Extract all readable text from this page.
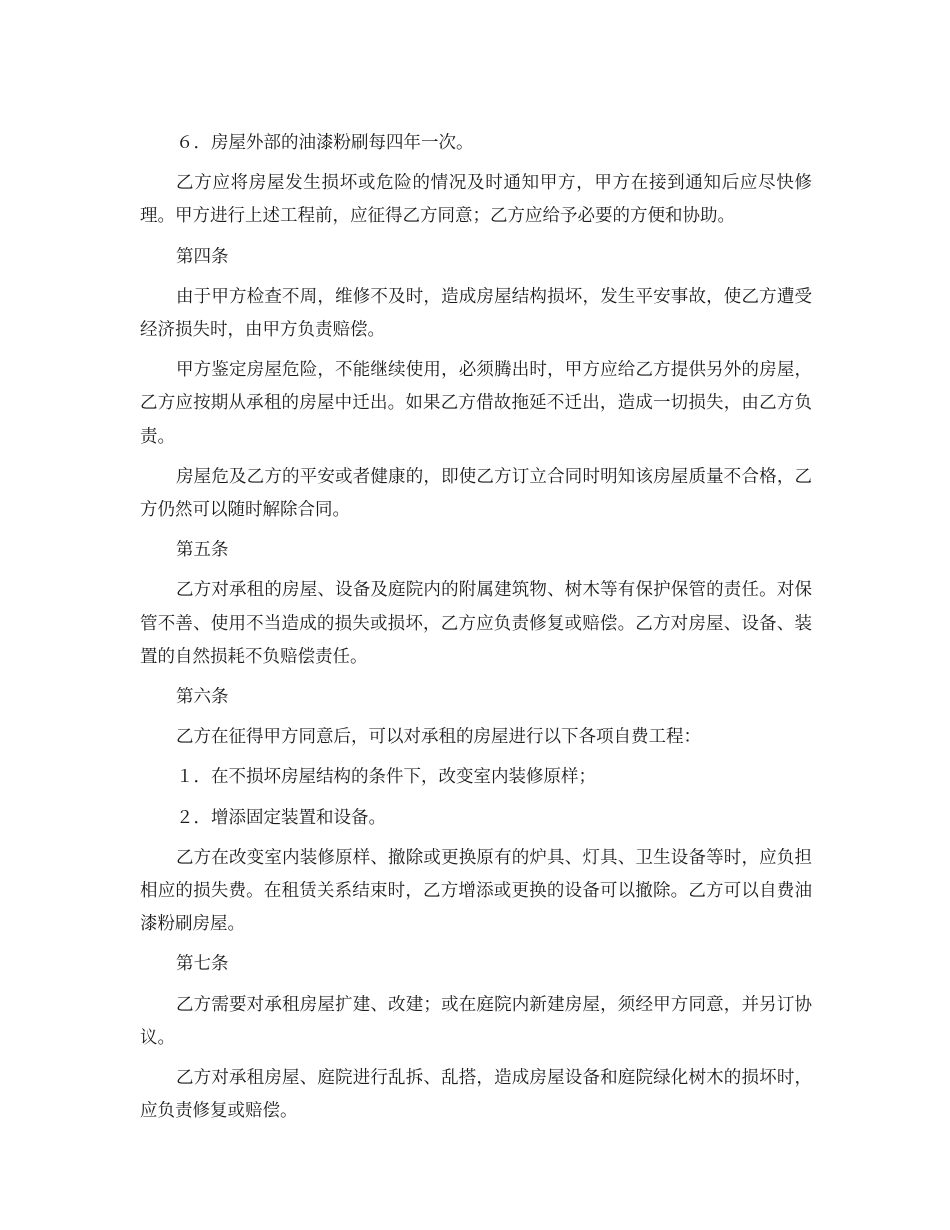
６．房屋外部的油漆粉刷每四年一次。

乙方应将房屋发生损坏或危险的情况及时通知甲方，甲方在接到通知后应尽快修理。甲方进行上述工程前，应征得乙方同意；乙方应给予必要的方便和协助。

第四条

由于甲方检查不周，维修不及时，造成房屋结构损坏，发生平安事故，使乙方遭受经济损失时，由甲方负责赔偿。

甲方鉴定房屋危险，不能继续使用，必须腾出时，甲方应给乙方提供另外的房屋，乙方应按期从承租的房屋中迁出。如果乙方借故拖延不迁出，造成一切损失，由乙方负责。

房屋危及乙方的平安或者健康的，即使乙方订立合同时明知该房屋质量不合格，乙方仍然可以随时解除合同。

第五条

乙方对承租的房屋、设备及庭院内的附属建筑物、树木等有保护保管的责任。对保管不善、使用不当造成的损失或损坏，乙方应负责修复或赔偿。乙方对房屋、设备、装置的自然损耗不负赔偿责任。

第六条

乙方在征得甲方同意后，可以对承租的房屋进行以下各项自费工程：

１．在不损坏房屋结构的条件下，改变室内装修原样；

２．增添固定装置和设备。

乙方在改变室内装修原样、撤除或更换原有的炉具、灯具、卫生设备等时，应负担相应的损失费。在租赁关系结束时，乙方增添或更换的设备可以撤除。乙方可以自费油漆粉刷房屋。

第七条

乙方需要对承租房屋扩建、改建；或在庭院内新建房屋，须经甲方同意，并另订协议。

乙方对承租房屋、庭院进行乱拆、乱搭，造成房屋设备和庭院绿化树木的损坏时，应负责修复或赔偿。
